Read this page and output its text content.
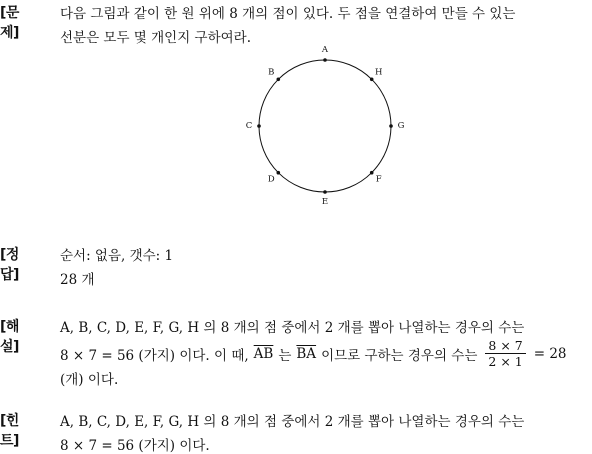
[문제]
다음 그림과 같이 한 원 위에 8 개의 점이 있다. 두 점을 연결하여 만들 수 있는
선분은 모두 몇 개인지 구하여라.
A
H
G
F
E
D
C
B
[정답]
순서: 없음, 갯수: 1
28 개
[해설]
A, B, C, D, E, F, G, H 의 8 개의 점 중에서 2 개를 뽑아 나열하는 경우의 수는
8 × 7 = 56 (가지) 이다. 이 때, $\overline{AB}$ 는 $\overline{BA}$ 이므로 구하는 경우의 수는 $\frac{8 \times 7}{2 \times 1} = 28$
(개) 이다.
[힌트]
A, B, C, D, E, F, G, H 의 8 개의 점 중에서 2 개를 뽑아 나열하는 경우의 수는
8 × 7 = 56 (가지) 이다.
